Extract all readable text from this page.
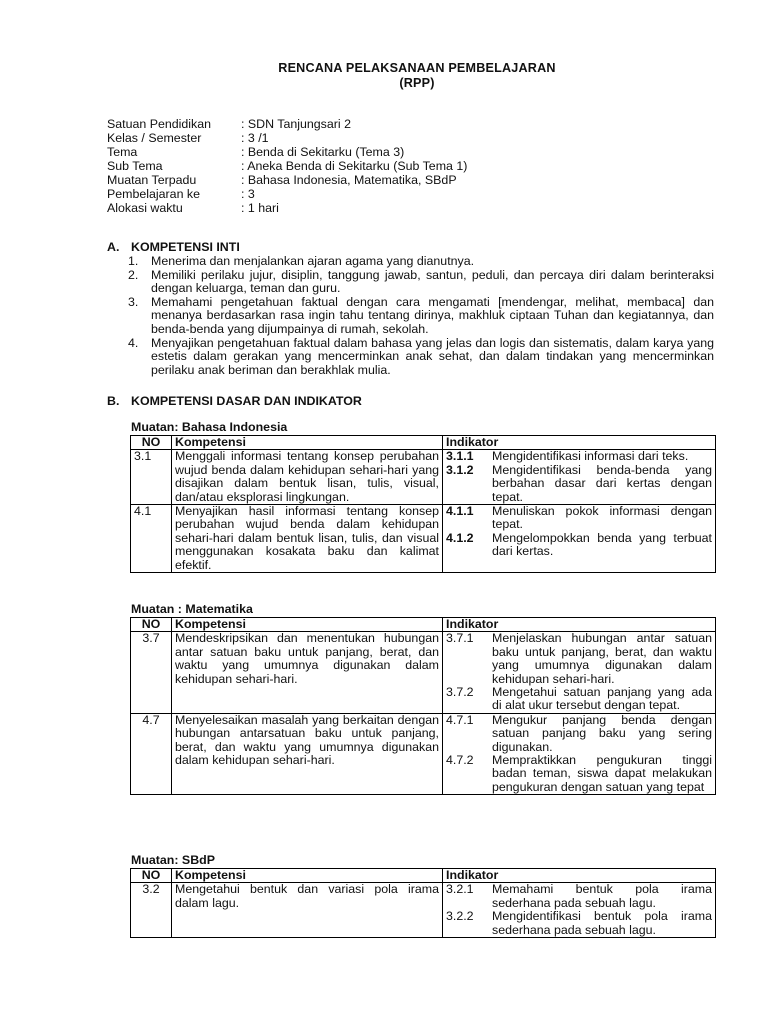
RENCANA PELAKSANAAN PEMBELAJARAN
(RPP)
Satuan Pendidikan : SDN Tanjungsari 2
Kelas / Semester	: 3 /1
Tema	: Benda di Sekitarku (Tema 3)
Sub Tema	: Aneka Benda di Sekitarku (Sub Tema 1)
Muatan Terpadu	: Bahasa Indonesia, Matematika, SBdP
Pembelajaran ke	: 3
Alokasi waktu	: 1 hari
A. KOMPETENSI INTI
1. Menerima dan menjalankan ajaran agama yang dianutnya.
2. Memiliki perilaku jujur, disiplin, tanggung jawab, santun, peduli, dan percaya diri dalam berinteraksi dengan keluarga, teman dan guru.
3. Memahami pengetahuan faktual dengan cara mengamati [mendengar, melihat, membaca] dan menanya berdasarkan rasa ingin tahu tentang dirinya, makhluk ciptaan Tuhan dan kegiatannya, dan benda-benda yang dijumpainya di rumah, sekolah.
4. Menyajikan pengetahuan faktual dalam bahasa yang jelas dan logis dan sistematis, dalam karya yang estetis dalam gerakan yang mencerminkan anak sehat, dan dalam tindakan yang mencerminkan perilaku anak beriman dan berakhlak mulia.
B. KOMPETENSI DASAR DAN INDIKATOR
Muatan: Bahasa Indonesia
NO	Kompetensi	Indikator
3.1	Menggali informasi tentang konsep perubahan wujud benda dalam kehidupan sehari-hari yang disajikan dalam bentuk lisan, tulis, visual, dan/atau eksplorasi lingkungan.	3.1.1 Mengidentifikasi informasi dari teks.
3.1.2 Mengidentifikasi benda-benda yang berbahan dasar dari kertas dengan tepat.

4.1	Menyajikan hasil informasi tentang konsep perubahan wujud benda dalam kehidupan sehari-hari dalam bentuk lisan, tulis, dan visual menggunakan kosakata baku dan kalimat efektif.	4.1.1 Menuliskan pokok informasi dengan tepat.
4.1.2 Mengelompokkan benda yang terbuat dari kertas.
Muatan : Matematika
NO	Kompetensi	Indikator
3.7	Mendeskripsikan dan menentukan hubungan antar satuan baku untuk panjang, berat, dan waktu yang umumnya digunakan dalam kehidupan sehari-hari.	3.7.1 Menjelaskan hubungan antar satuan baku untuk panjang, berat, dan waktu yang umumnya digunakan dalam kehidupan sehari-hari.
3.7.2 Mengetahui satuan panjang yang ada di alat ukur tersebut dengan tepat.

4.7	Menyelesaikan masalah yang berkaitan dengan hubungan antarsatuan baku untuk panjang, berat, dan waktu yang umumnya digunakan dalam kehidupan sehari-hari.	4.7.1 Mengukur panjang benda dengan satuan panjang baku yang sering digunakan.
4.7.2 Mempraktikkan pengukuran tinggi badan teman, siswa dapat melakukan pengukuran dengan satuan yang tepat
Muatan: SBdP
NO	Kompetensi	Indikator
3.2	Mengetahui bentuk dan variasi pola irama dalam lagu.	3.2.1 Memahami bentuk pola irama sederhana pada sebuah lagu.
3.2.2 Mengidentifikasi bentuk pola irama sederhana pada sebuah lagu.
